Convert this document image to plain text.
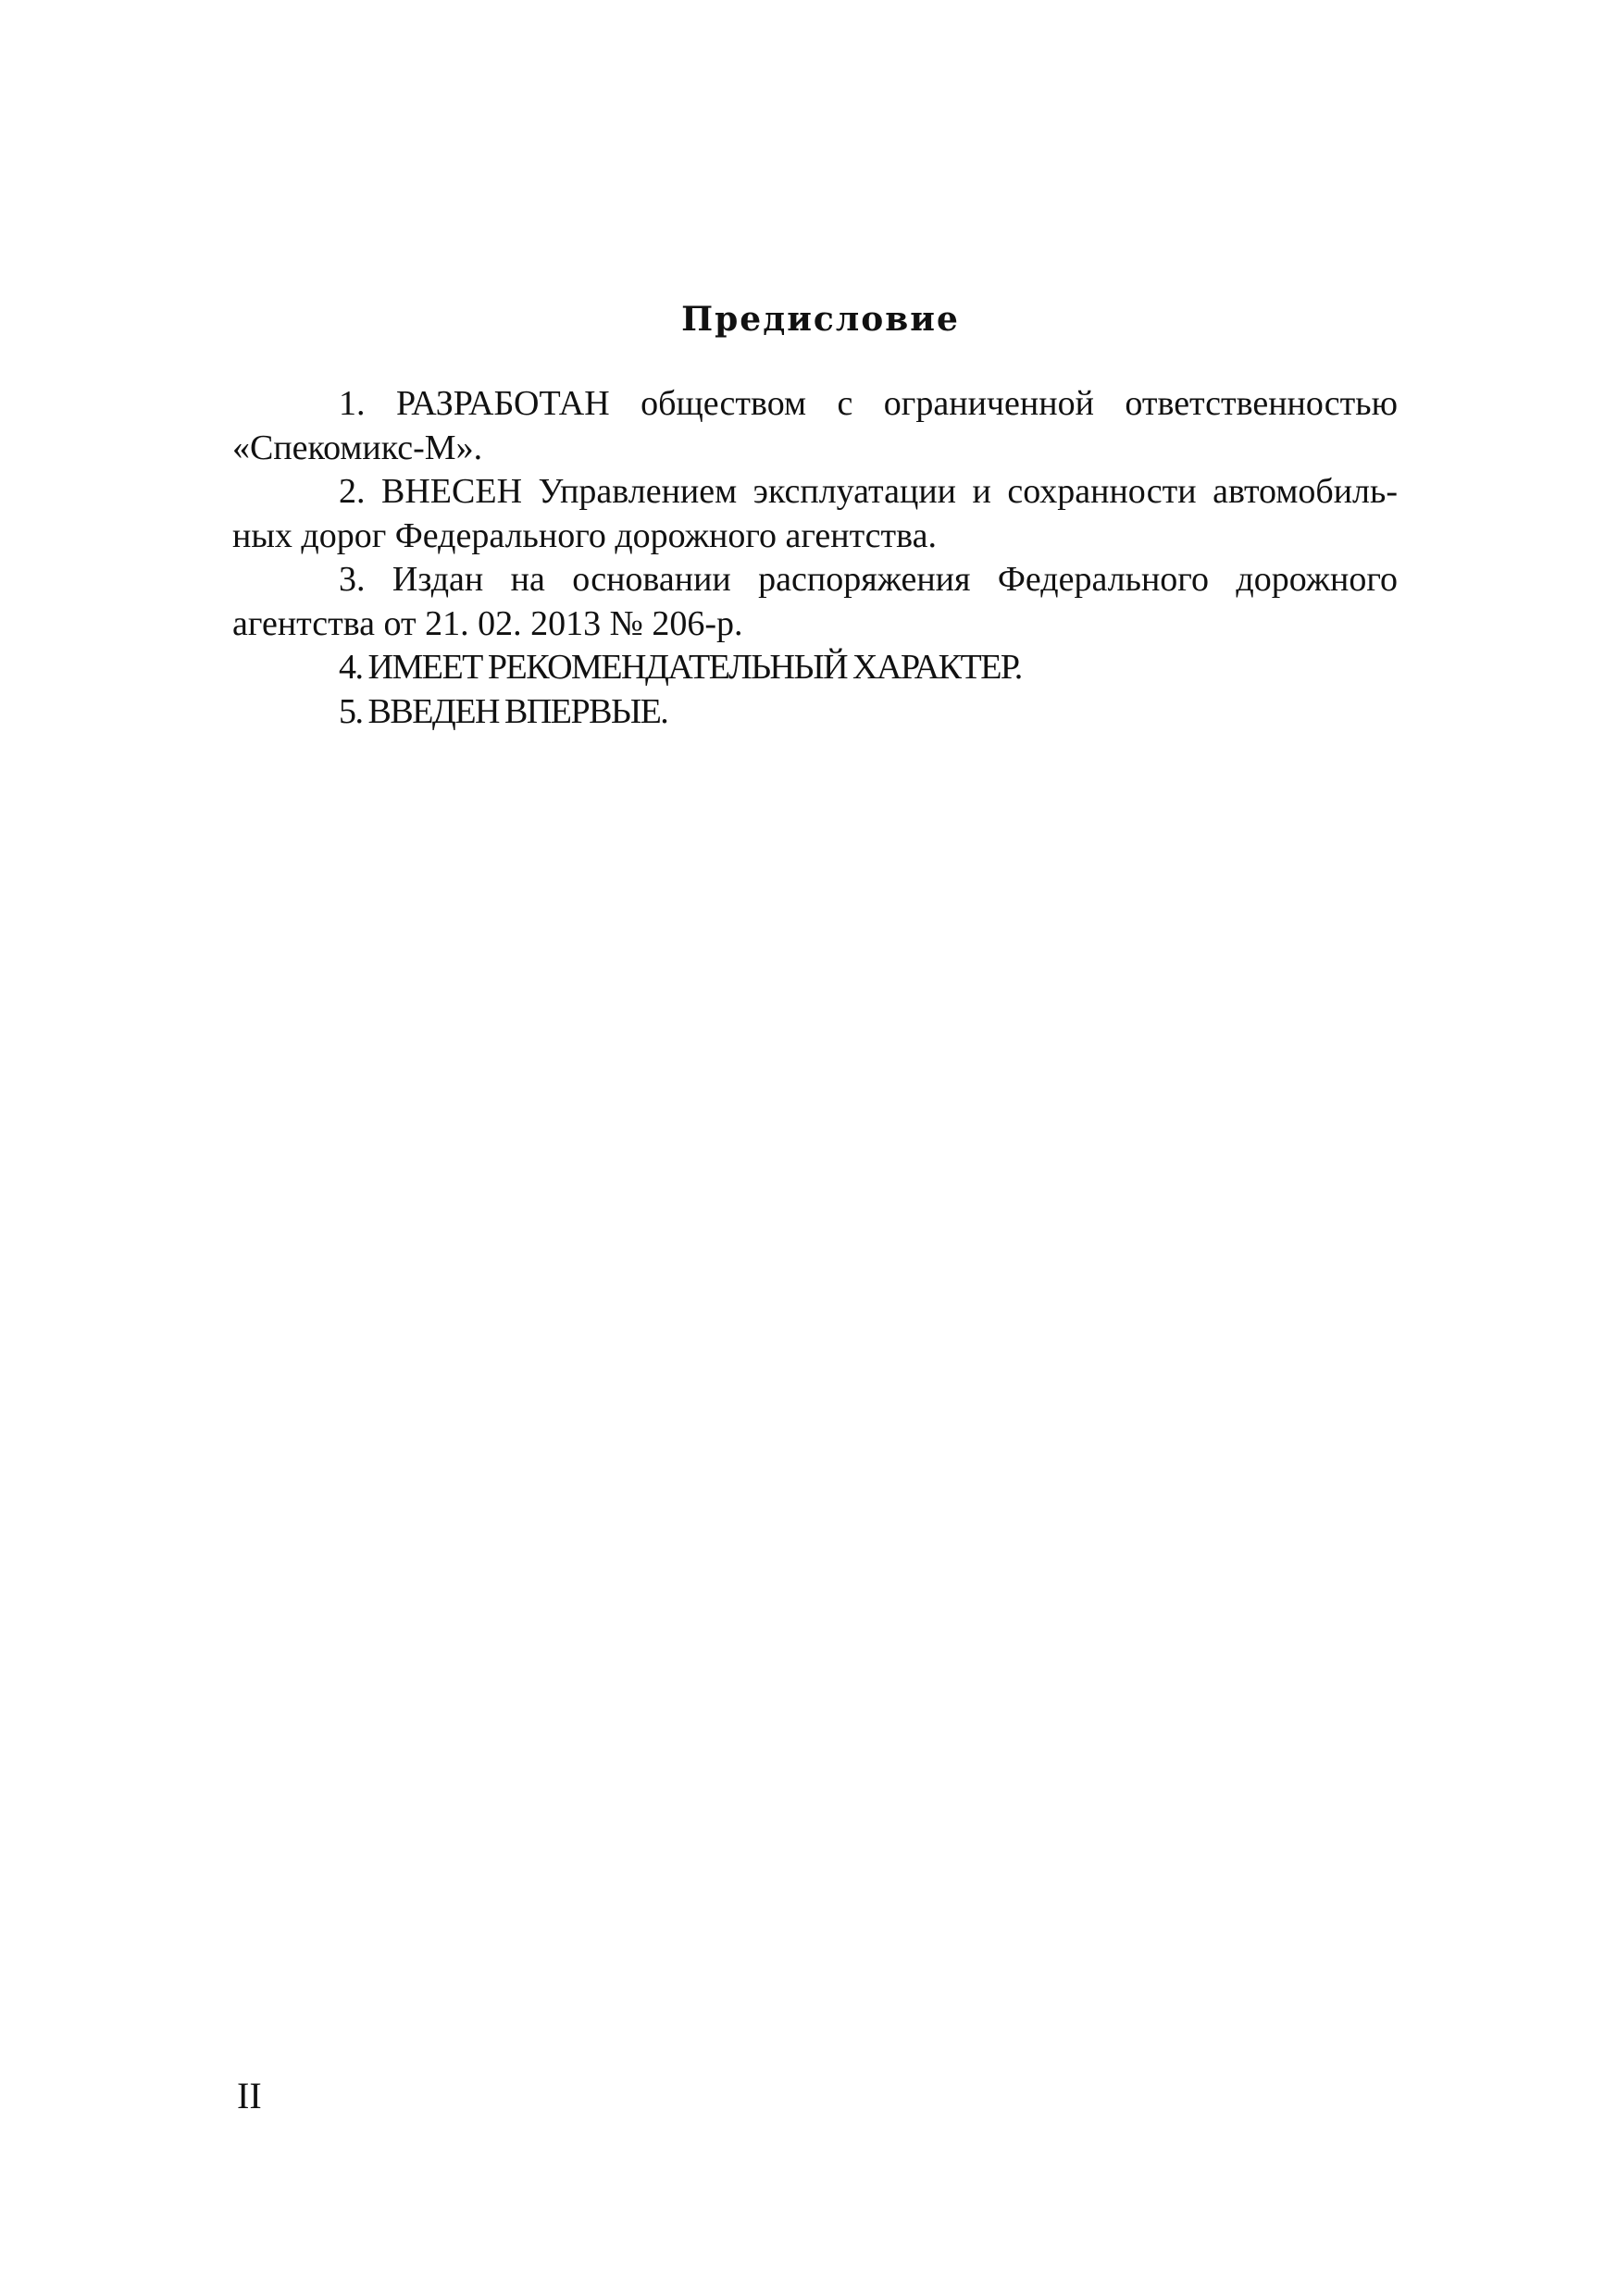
Предисловие

1. РАЗРАБОТАН обществом с ограниченной ответственностью «Спекомикс-М».

2. ВНЕСЕН Управлением эксплуатации и сохранности автомобильных дорог Федерального дорожного агентства.

3. Издан на основании распоряжения Федерального дорожного агентства от 21. 02. 2013 № 206-р.

4. ИМЕЕТ РЕКОМЕНДАТЕЛЬНЫЙ ХАРАКТЕР.

5. ВВЕДЕН ВПЕРВЫЕ.

II
